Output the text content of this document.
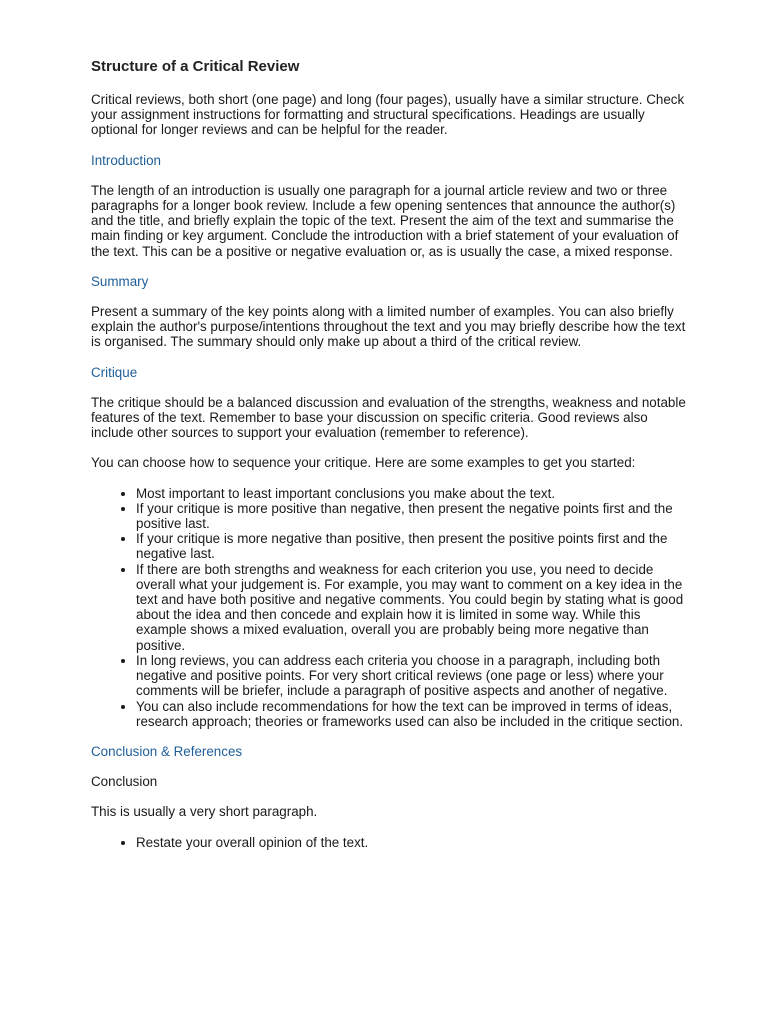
Structure of a Critical Review

Critical reviews, both short (one page) and long (four pages), usually have a similar structure. Check your assignment instructions for formatting and structural specifications. Headings are usually optional for longer reviews and can be helpful for the reader.

Introduction

The length of an introduction is usually one paragraph for a journal article review and two or three paragraphs for a longer book review. Include a few opening sentences that announce the author(s) and the title, and briefly explain the topic of the text. Present the aim of the text and summarise the main finding or key argument. Conclude the introduction with a brief statement of your evaluation of the text. This can be a positive or negative evaluation or, as is usually the case, a mixed response.

Summary

Present a summary of the key points along with a limited number of examples. You can also briefly explain the author's purpose/intentions throughout the text and you may briefly describe how the text is organised. The summary should only make up about a third of the critical review.

Critique

The critique should be a balanced discussion and evaluation of the strengths, weakness and notable features of the text. Remember to base your discussion on specific criteria. Good reviews also include other sources to support your evaluation (remember to reference).

You can choose how to sequence your critique. Here are some examples to get you started:

• Most important to least important conclusions you make about the text.
• If your critique is more positive than negative, then present the negative points first and the positive last.
• If your critique is more negative than positive, then present the positive points first and the negative last.
• If there are both strengths and weakness for each criterion you use, you need to decide overall what your judgement is. For example, you may want to comment on a key idea in the text and have both positive and negative comments. You could begin by stating what is good about the idea and then concede and explain how it is limited in some way. While this example shows a mixed evaluation, overall you are probably being more negative than positive.
• In long reviews, you can address each criteria you choose in a paragraph, including both negative and positive points. For very short critical reviews (one page or less) where your comments will be briefer, include a paragraph of positive aspects and another of negative.
• You can also include recommendations for how the text can be improved in terms of ideas, research approach; theories or frameworks used can also be included in the critique section.
Conclusion & References

Conclusion

This is usually a very short paragraph.

• Restate your overall opinion of the text.
